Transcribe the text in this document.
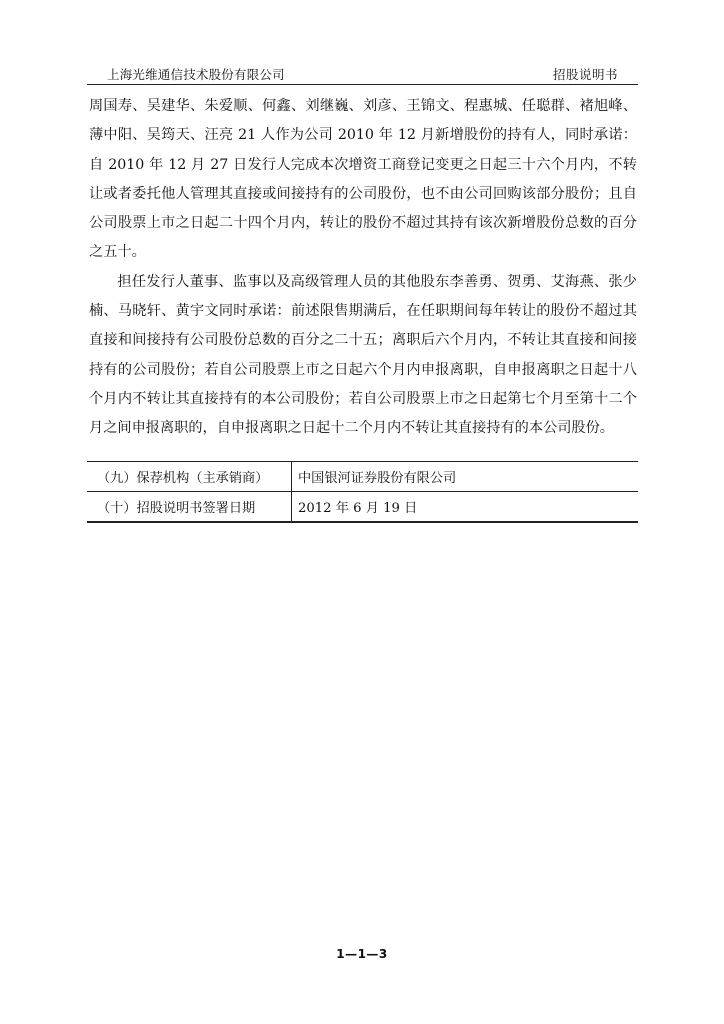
上海光维通信技术股份有限公司	招股说明书

周国寿、吴建华、朱爱顺、何鑫、刘继巍、刘彦、王锦文、程惠城、任聪群、褚旭峰、薄中阳、吴筠天、汪亮 21 人作为公司 2010 年 12 月新增股份的持有人，同时承诺：自 2010 年 12 月 27 日发行人完成本次增资工商登记变更之日起三十六个月内，不转让或者委托他人管理其直接或间接持有的公司股份，也不由公司回购该部分股份；且自公司股票上市之日起二十四个月内，转让的股份不超过其持有该次新增股份总数的百分之五十。

担任发行人董事、监事以及高级管理人员的其他股东李善勇、贺勇、艾海燕、张少楠、马晓轩、黄宇文同时承诺：前述限售期满后，在任职期间每年转让的股份不超过其直接和间接持有公司股份总数的百分之二十五；离职后六个月内，不转让其直接和间接持有的公司股份；若自公司股票上市之日起六个月内申报离职，自申报离职之日起十八个月内不转让其直接持有的本公司股份；若自公司股票上市之日起第七个月至第十二个月之间申报离职的，自申报离职之日起十二个月内不转让其直接持有的本公司股份。

（九）保荐机构（主承销商）	中国银河证券股份有限公司
（十）招股说明书签署日期	2012 年 6 月 19 日
1—1—3
